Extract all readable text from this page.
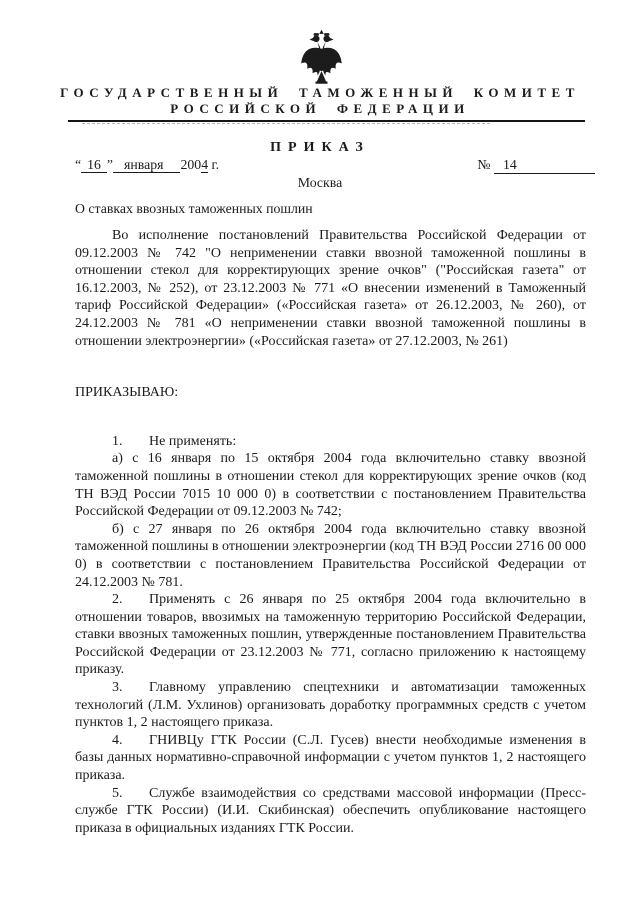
ГОСУДАРСТВЕННЫЙ ТАМОЖЕННЫЙ КОМИТЕТ
РОССИЙСКОЙ ФЕДЕРАЦИИ
ПРИКАЗ
“ 16 ” января 2004 г.	№ 14
Москва
О ставках ввозных таможенных пошлин

Во исполнение постановлений Правительства Российской Федерации от 09.12.2003 № 742 "О неприменении ставки ввозной таможенной пошлины в отношении стекол для корректирующих зрение очков" ("Российская газета" от 16.12.2003, № 252), от 23.12.2003 № 771 «О внесении изменений в Таможенный тариф Российской Федерации» («Российская газета» от 26.12.2003, № 260), от 24.12.2003 № 781 «О неприменении ставки ввозной таможенной пошлины в отношении электроэнергии» («Российская газета» от 27.12.2003, № 261)

ПРИКАЗЫВАЮ:

1. Не применять:

а) с 16 января по 15 октября 2004 года включительно ставку ввозной таможенной пошлины в отношении стекол для корректирующих зрение очков (код ТН ВЭД России 7015 10 000 0) в соответствии с постановлением Правительства Российской Федерации от 09.12.2003 № 742;

б) с 27 января по 26 октября 2004 года включительно ставку ввозной таможенной пошлины в отношении электроэнергии (код ТН ВЭД России 2716 00 000 0) в соответствии с постановлением Правительства Российской Федерации от 24.12.2003 № 781.

2. Применять с 26 января по 25 октября 2004 года включительно в отношении товаров, ввозимых на таможенную территорию Российской Федерации, ставки ввозных таможенных пошлин, утвержденные постановлением Правительства Российской Федерации от 23.12.2003 № 771, согласно приложению к настоящему приказу.

3. Главному управлению спецтехники и автоматизации таможенных технологий (Л.М. Ухлинов) организовать доработку программных средств с учетом пунктов 1, 2 настоящего приказа.

4. ГНИВЦу ГТК России (С.Л. Гусев) внести необходимые изменения в базы данных нормативно-справочной информации с учетом пунктов 1, 2 настоящего приказа.

5. Службе взаимодействия со средствами массовой информации (Пресс-службе ГТК России) (И.И. Скибинская) обеспечить опубликование настоящего приказа в официальных изданиях ГТК России.
